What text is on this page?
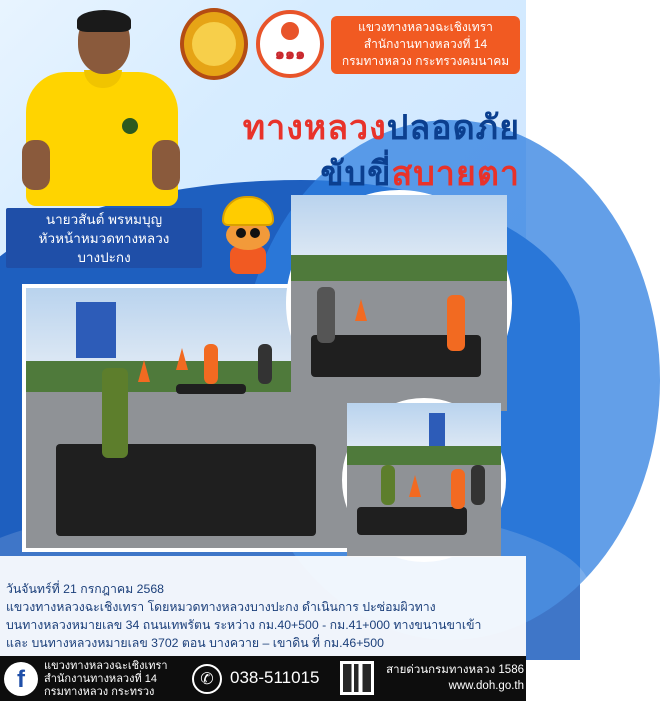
๑๑๑
แขวงทางหลวงฉะเชิงเทรา
สำนักงานทางหลวงที่ 14
กรมทางหลวง กระทรวงคมนาคม
ทางหลวงปลอดภัย
ขับขี่สบายตา
นายวสันต์ พรหมบุญ
หัวหน้าหมวดทางหลวง
บางปะกง

วันจันทร์ที่ 21 กรกฎาคม 2568

แขวงทางหลวงฉะเชิงเทรา โดยหมวดทางหลวงบางปะกง ดำเนินการ ปะซ่อมผิวทาง

บนทางหลวงหมายเลข 34 ถนนเทพรัตน ระหว่าง กม.40+500 - กม.41+000 ทางขนานขาเข้า

และ บนทางหลวงหมายเลข 3702 ตอน บางควาย – เขาดิน ที่ กม.46+500

f	แขวงทางหลวงฉะเชิงเทรา
สำนักงานทางหลวงที่ 14
กรมทางหลวง กระทรวงคมนาคม
✆ 038-511015	สายด่วนกรมทางหลวง 1586
www.doh.go.th
